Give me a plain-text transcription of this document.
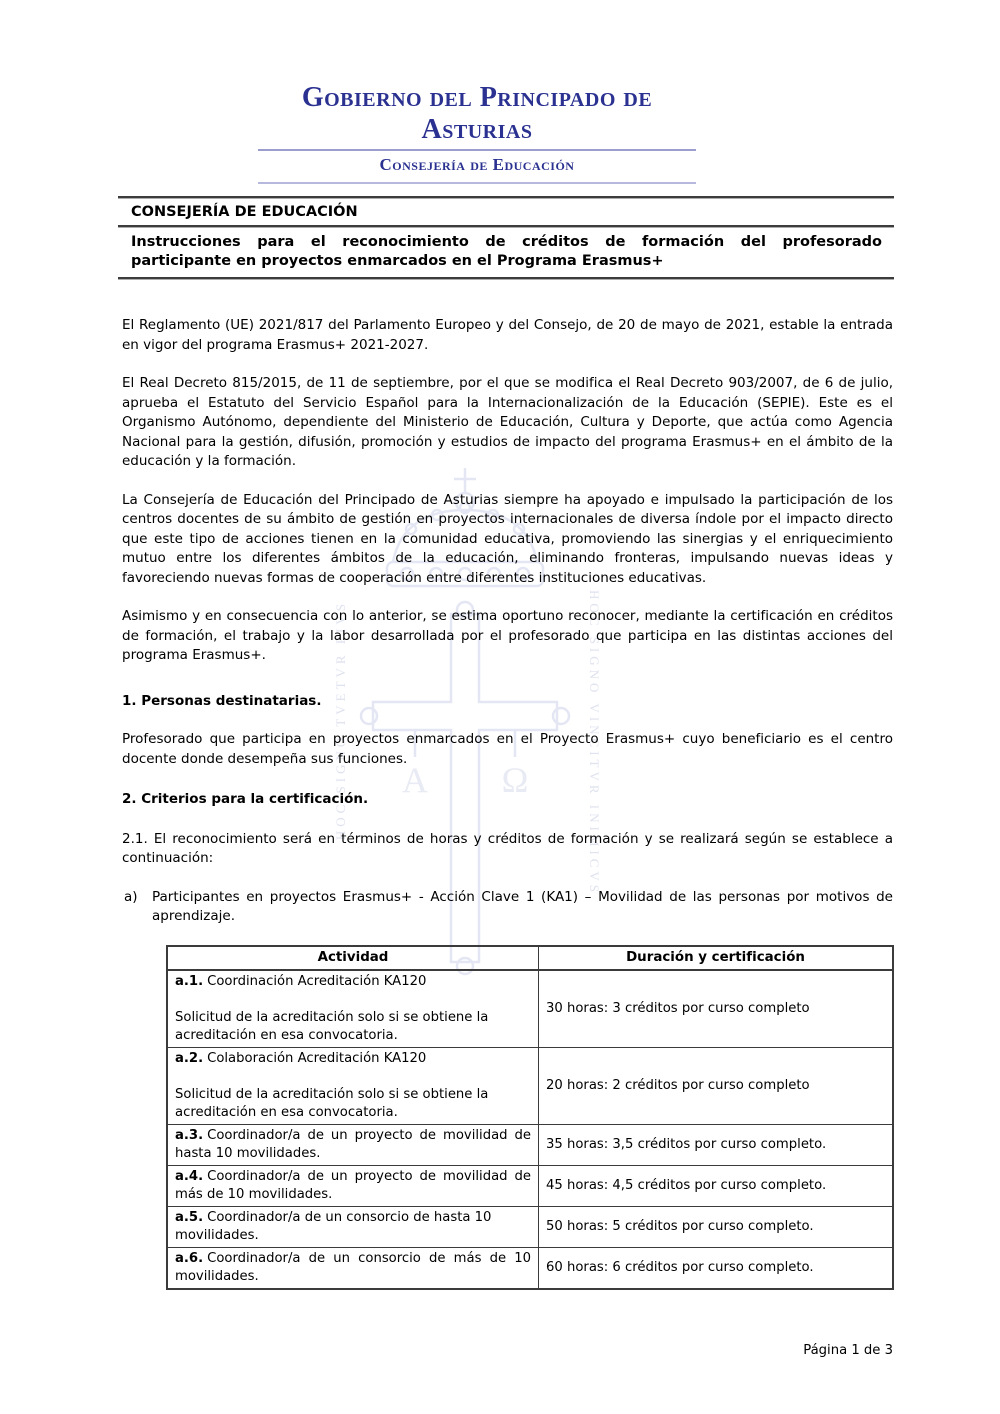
Α Ω
HOC SIGNO TVETVR PIVS	HOC SIGNO VINCITVR INIMICVS
Gobierno del Principado de Asturias
Consejería de Educación
CONSEJERÍA DE EDUCACIÓN
Instrucciones para el reconocimiento de créditos de formación del profesorado participante en proyectos enmarcados en el Programa Erasmus+

El Reglamento (UE) 2021/817 del Parlamento Europeo y del Consejo, de 20 de mayo de 2021, estable la entrada en vigor del programa Erasmus+ 2021-2027.

El Real Decreto 815/2015, de 11 de septiembre, por el que se modifica el Real Decreto 903/2007, de 6 de julio, aprueba el Estatuto del Servicio Español para la Internacionalización de la Educación (SEPIE). Este es el Organismo Autónomo, dependiente del Ministerio de Educación, Cultura y Deporte, que actúa como Agencia Nacional para la gestión, difusión, promoción y estudios de impacto del programa Erasmus+ en el ámbito de la educación y la formación.

La Consejería de Educación del Principado de Asturias siempre ha apoyado e impulsado la participación de los centros docentes de su ámbito de gestión en proyectos internacionales de diversa índole por el impacto directo que este tipo de acciones tienen en la comunidad educativa, promoviendo las sinergias y el enriquecimiento mutuo entre los diferentes ámbitos de la educación, eliminando fronteras, impulsando nuevas ideas y favoreciendo nuevas formas de cooperación entre diferentes instituciones educativas.

Asimismo y en consecuencia con lo anterior, se estima oportuno reconocer, mediante la certificación en créditos de formación, el trabajo y la labor desarrollada por el profesorado que participa en las distintas acciones del programa Erasmus+.

1. Personas destinatarias.

Profesorado que participa en proyectos enmarcados en el Proyecto Erasmus+ cuyo beneficiario es el centro docente donde desempeña sus funciones.

2. Criterios para la certificación.

2.1. El reconocimiento será en términos de horas y créditos de formación y se realizará según se establece a continuación:

a)	Participantes en proyectos Erasmus+ - Acción Clave 1 (KA1) – Movilidad de las personas por motivos de aprendizaje.
Actividad	Duración y certificación

a.1. Coordinación Acreditación KA120
Solicitud de la acreditación solo si se obtiene la acreditación en esa convocatoria.	30 horas: 3 créditos por curso completo

a.2. Colaboración Acreditación KA120
Solicitud de la acreditación solo si se obtiene la acreditación en esa convocatoria.	20 horas: 2 créditos por curso completo

a.3. Coordinador/a de un proyecto de movilidad de hasta 10 movilidades.	35 horas: 3,5 créditos por curso completo.

a.4. Coordinador/a de un proyecto de movilidad de más de 10 movilidades.	45 horas: 4,5 créditos por curso completo.

a.5. Coordinador/a de un consorcio de hasta 10 movilidades.	50 horas: 5 créditos por curso completo.

a.6. Coordinador/a de un consorcio de más de 10 movilidades.	60 horas: 6 créditos por curso completo.
Página 1 de 3
